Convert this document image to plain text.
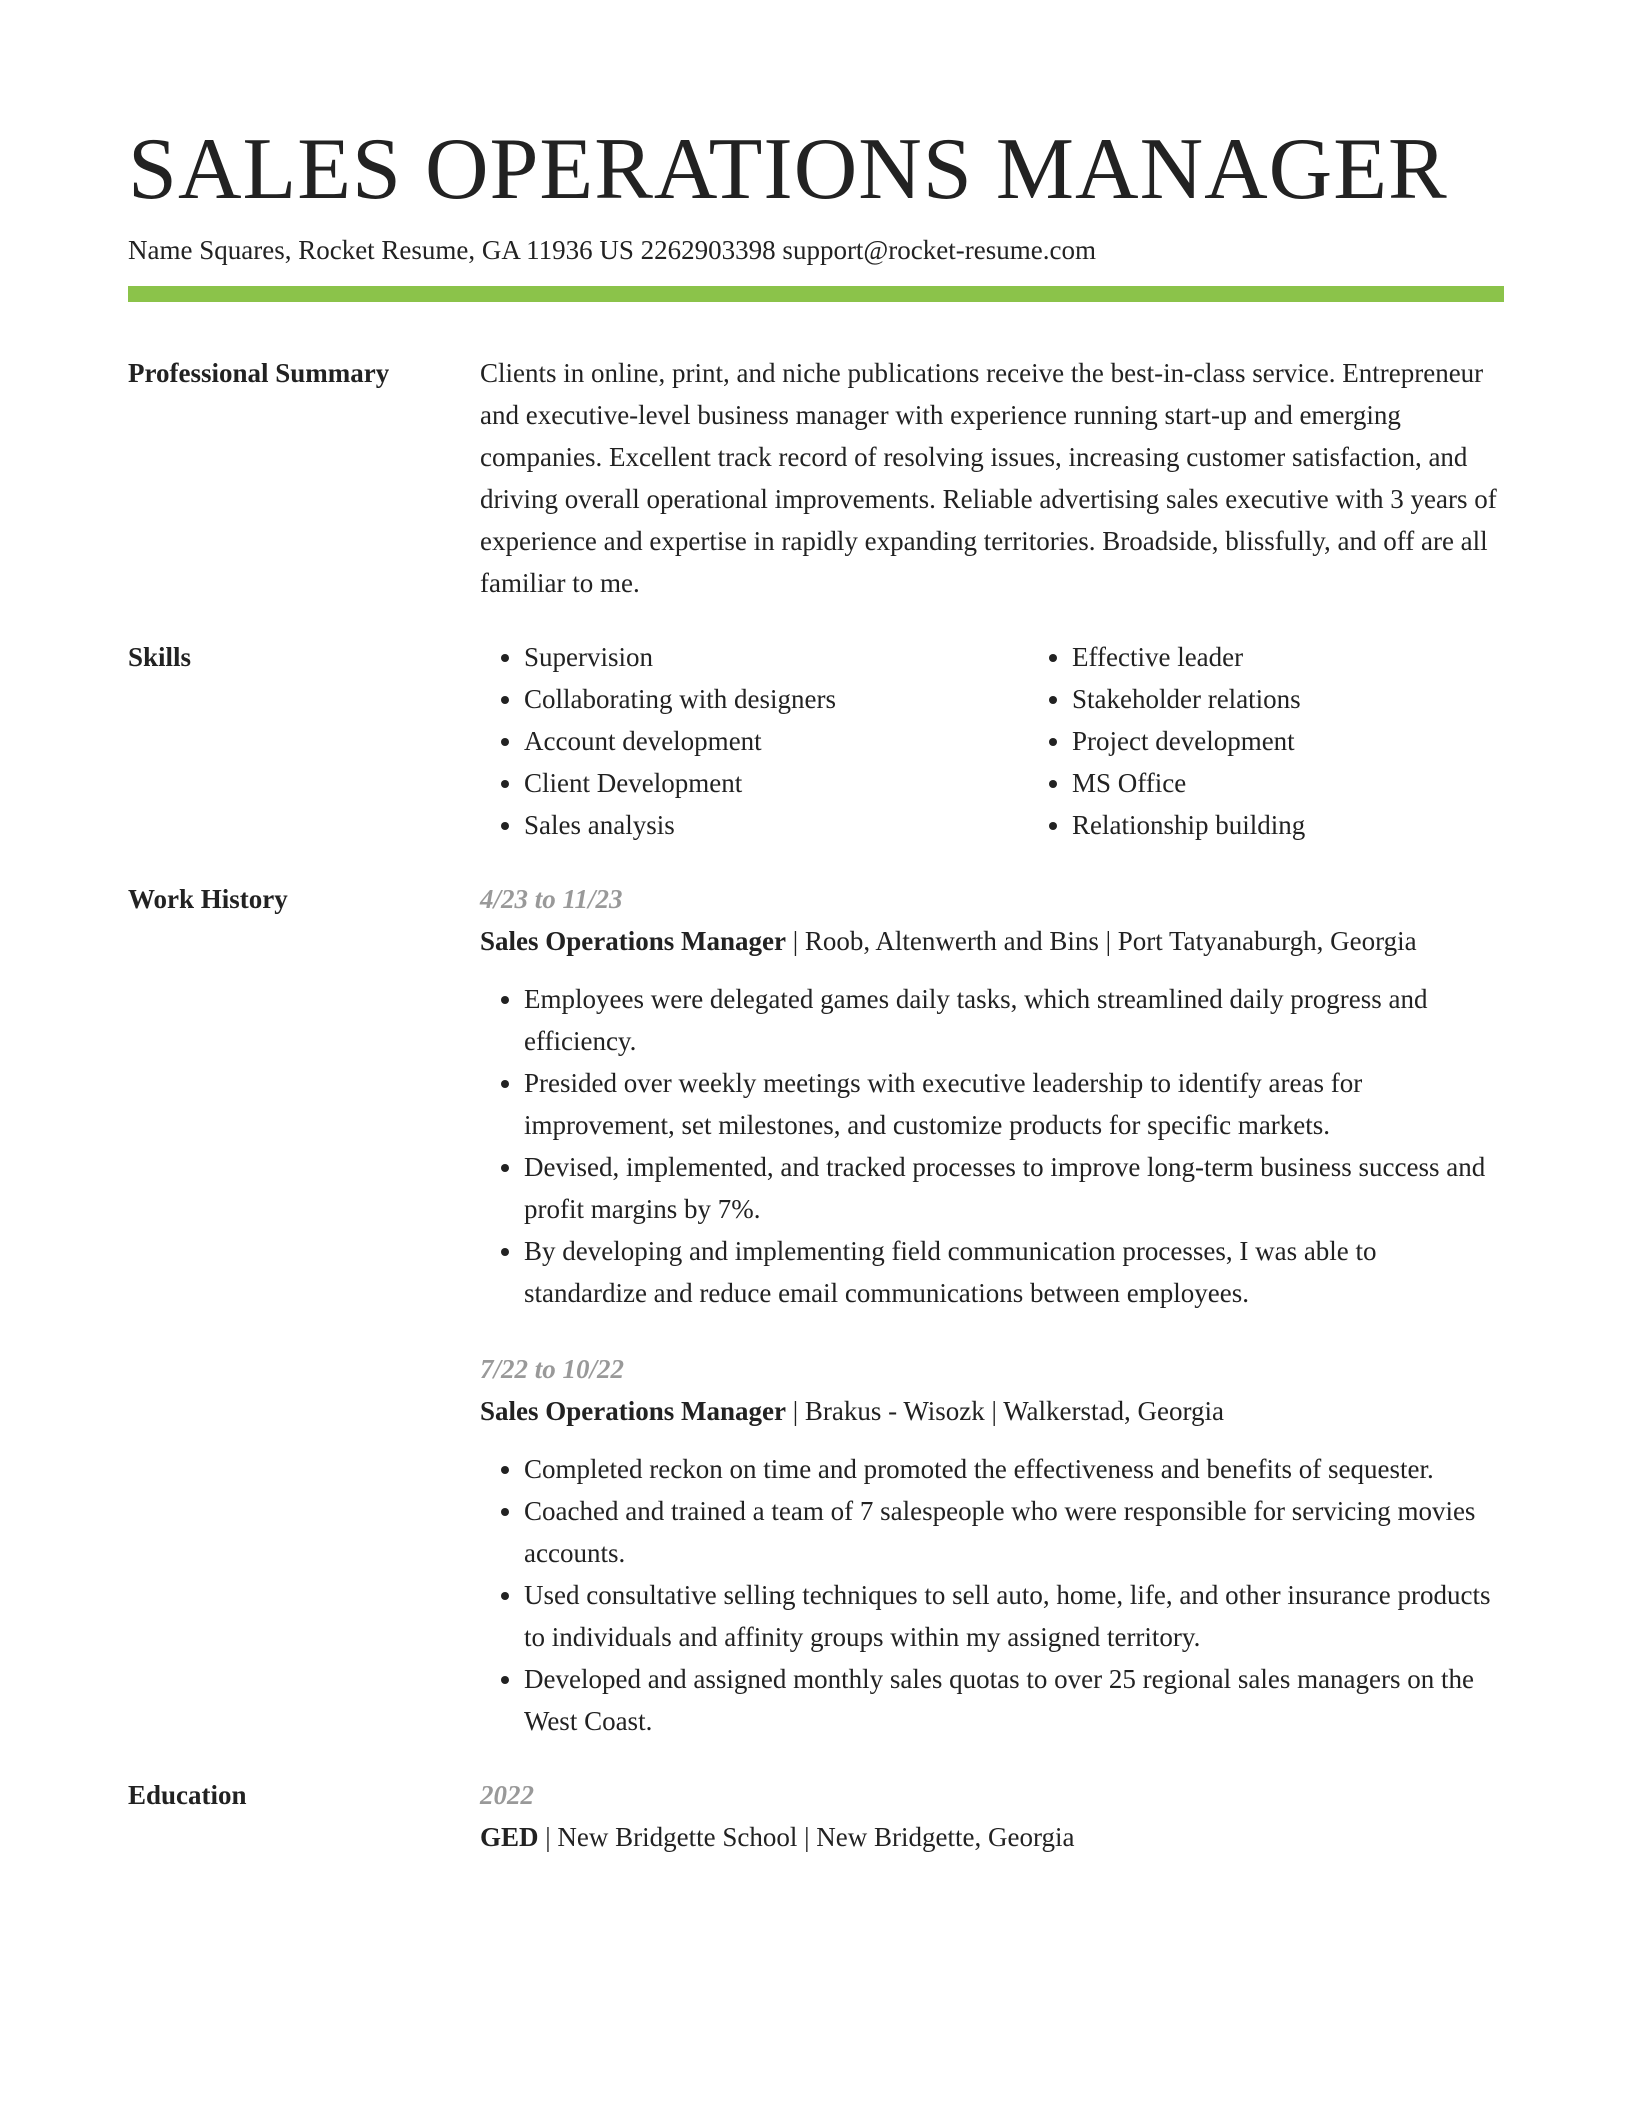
SALES OPERATIONS MANAGER
Name Squares, Rocket Resume, GA 11936 US 2262903398 support@rocket-resume.com
Professional Summary	Clients in online, print, and niche publications receive the best-in-class service. Entrepreneur and executive-level business manager with experience running start-up and emerging companies. Excellent track record of resolving issues, increasing customer satisfaction, and driving overall operational improvements. Reliable advertising sales executive with 3 years of experience and expertise in rapidly expanding territories. Broadside, blissfully, and off are all familiar to me.
Skills
•	Supervision
• Collaborating with designers
• Account development
• Client Development
• Sales analysis
• Effective leader
• Stakeholder relations
• Project development
• MS Office
• Relationship building
Work History	4/23 to 11/23
Sales Operations Manager | Roob, Altenwerth and Bins | Port Tatyanaburgh, Georgia
• Employees were delegated games daily tasks, which streamlined daily progress and efficiency.
• Presided over weekly meetings with executive leadership to identify areas for improvement, set milestones, and customize products for specific markets.
• Devised, implemented, and tracked processes to improve long-term business success and profit margins by 7%.
• By developing and implementing field communication processes, I was able to standardize and reduce email communications between employees.
7/22 to 10/22
Sales Operations Manager | Brakus - Wisozk | Walkerstad, Georgia
• Completed reckon on time and promoted the effectiveness and benefits of sequester.
• Coached and trained a team of 7 salespeople who were responsible for servicing movies accounts.
• Used consultative selling techniques to sell auto, home, life, and other insurance products to individuals and affinity groups within my assigned territory.
• Developed and assigned monthly sales quotas to over 25 regional sales managers on the West Coast.
Education	2022
GED | New Bridgette School | New Bridgette, Georgia
